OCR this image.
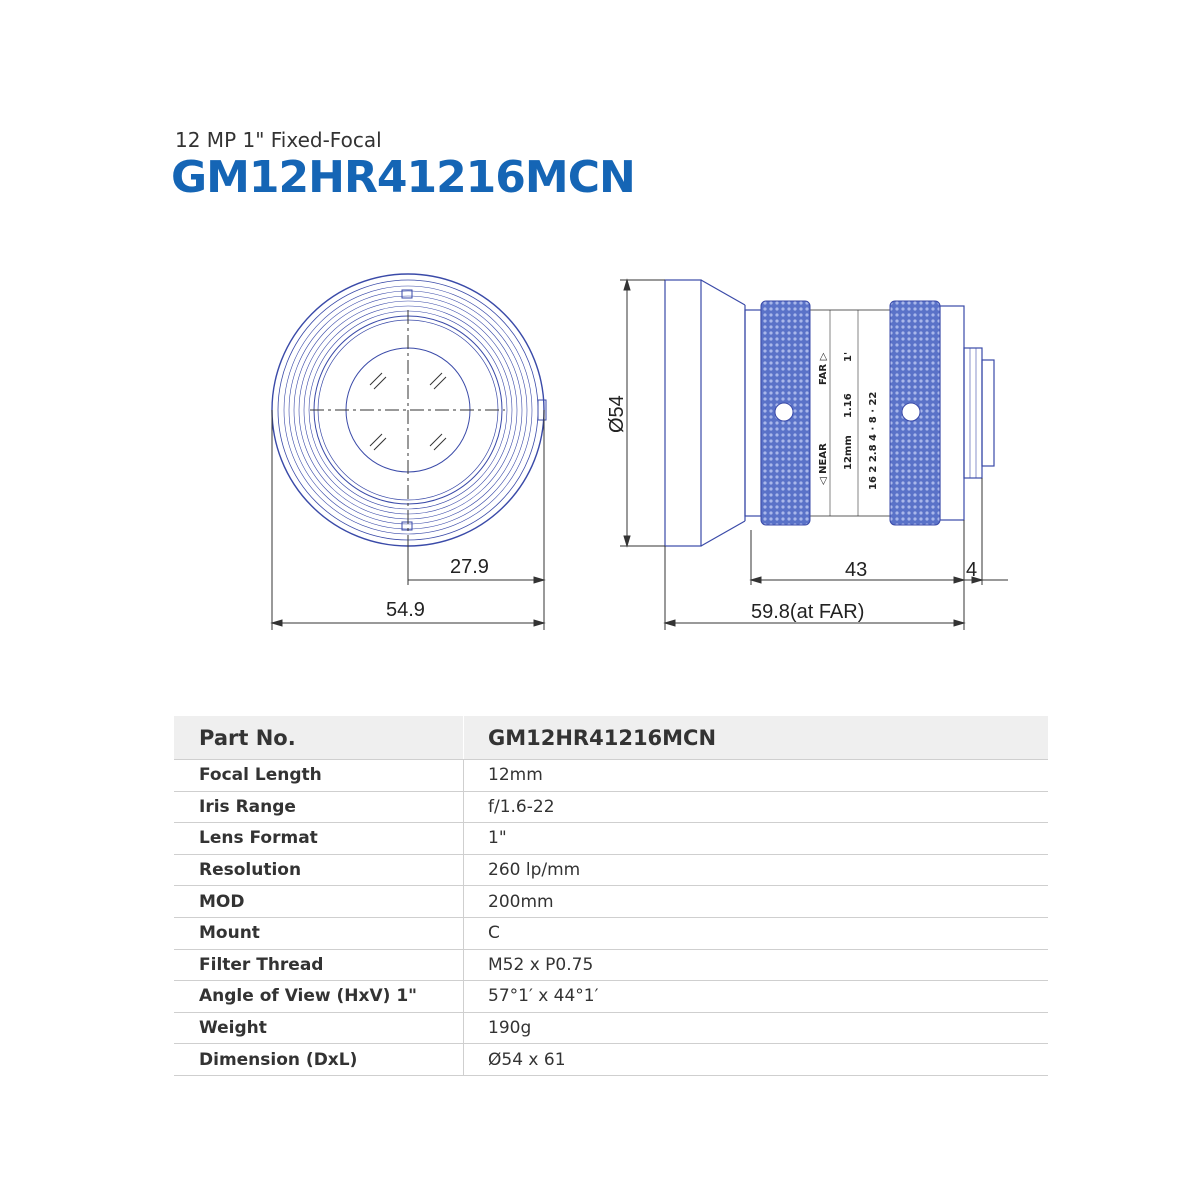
12 MP 1" Fixed-Focal
GM12HR41216MCN
27.9
54.9
FAR ▷
◁ NEAR
1.16
1'
12mm 16 2 2.8 4 · 8 · 22
Ø54
43	4
59.8(at FAR)
Part No.	GM12HR41216MCN
Focal Length	12mm
Iris Range	f/1.6-22
Lens Format	1"
Resolution	260 lp/mm
MOD	200mm
Mount	C
Filter Thread	M52 x P0.75
Angle of View (HxV) 1"	57°1′ x 44°1′
Weight	190g
Dimension (DxL)	Ø54 x 61
